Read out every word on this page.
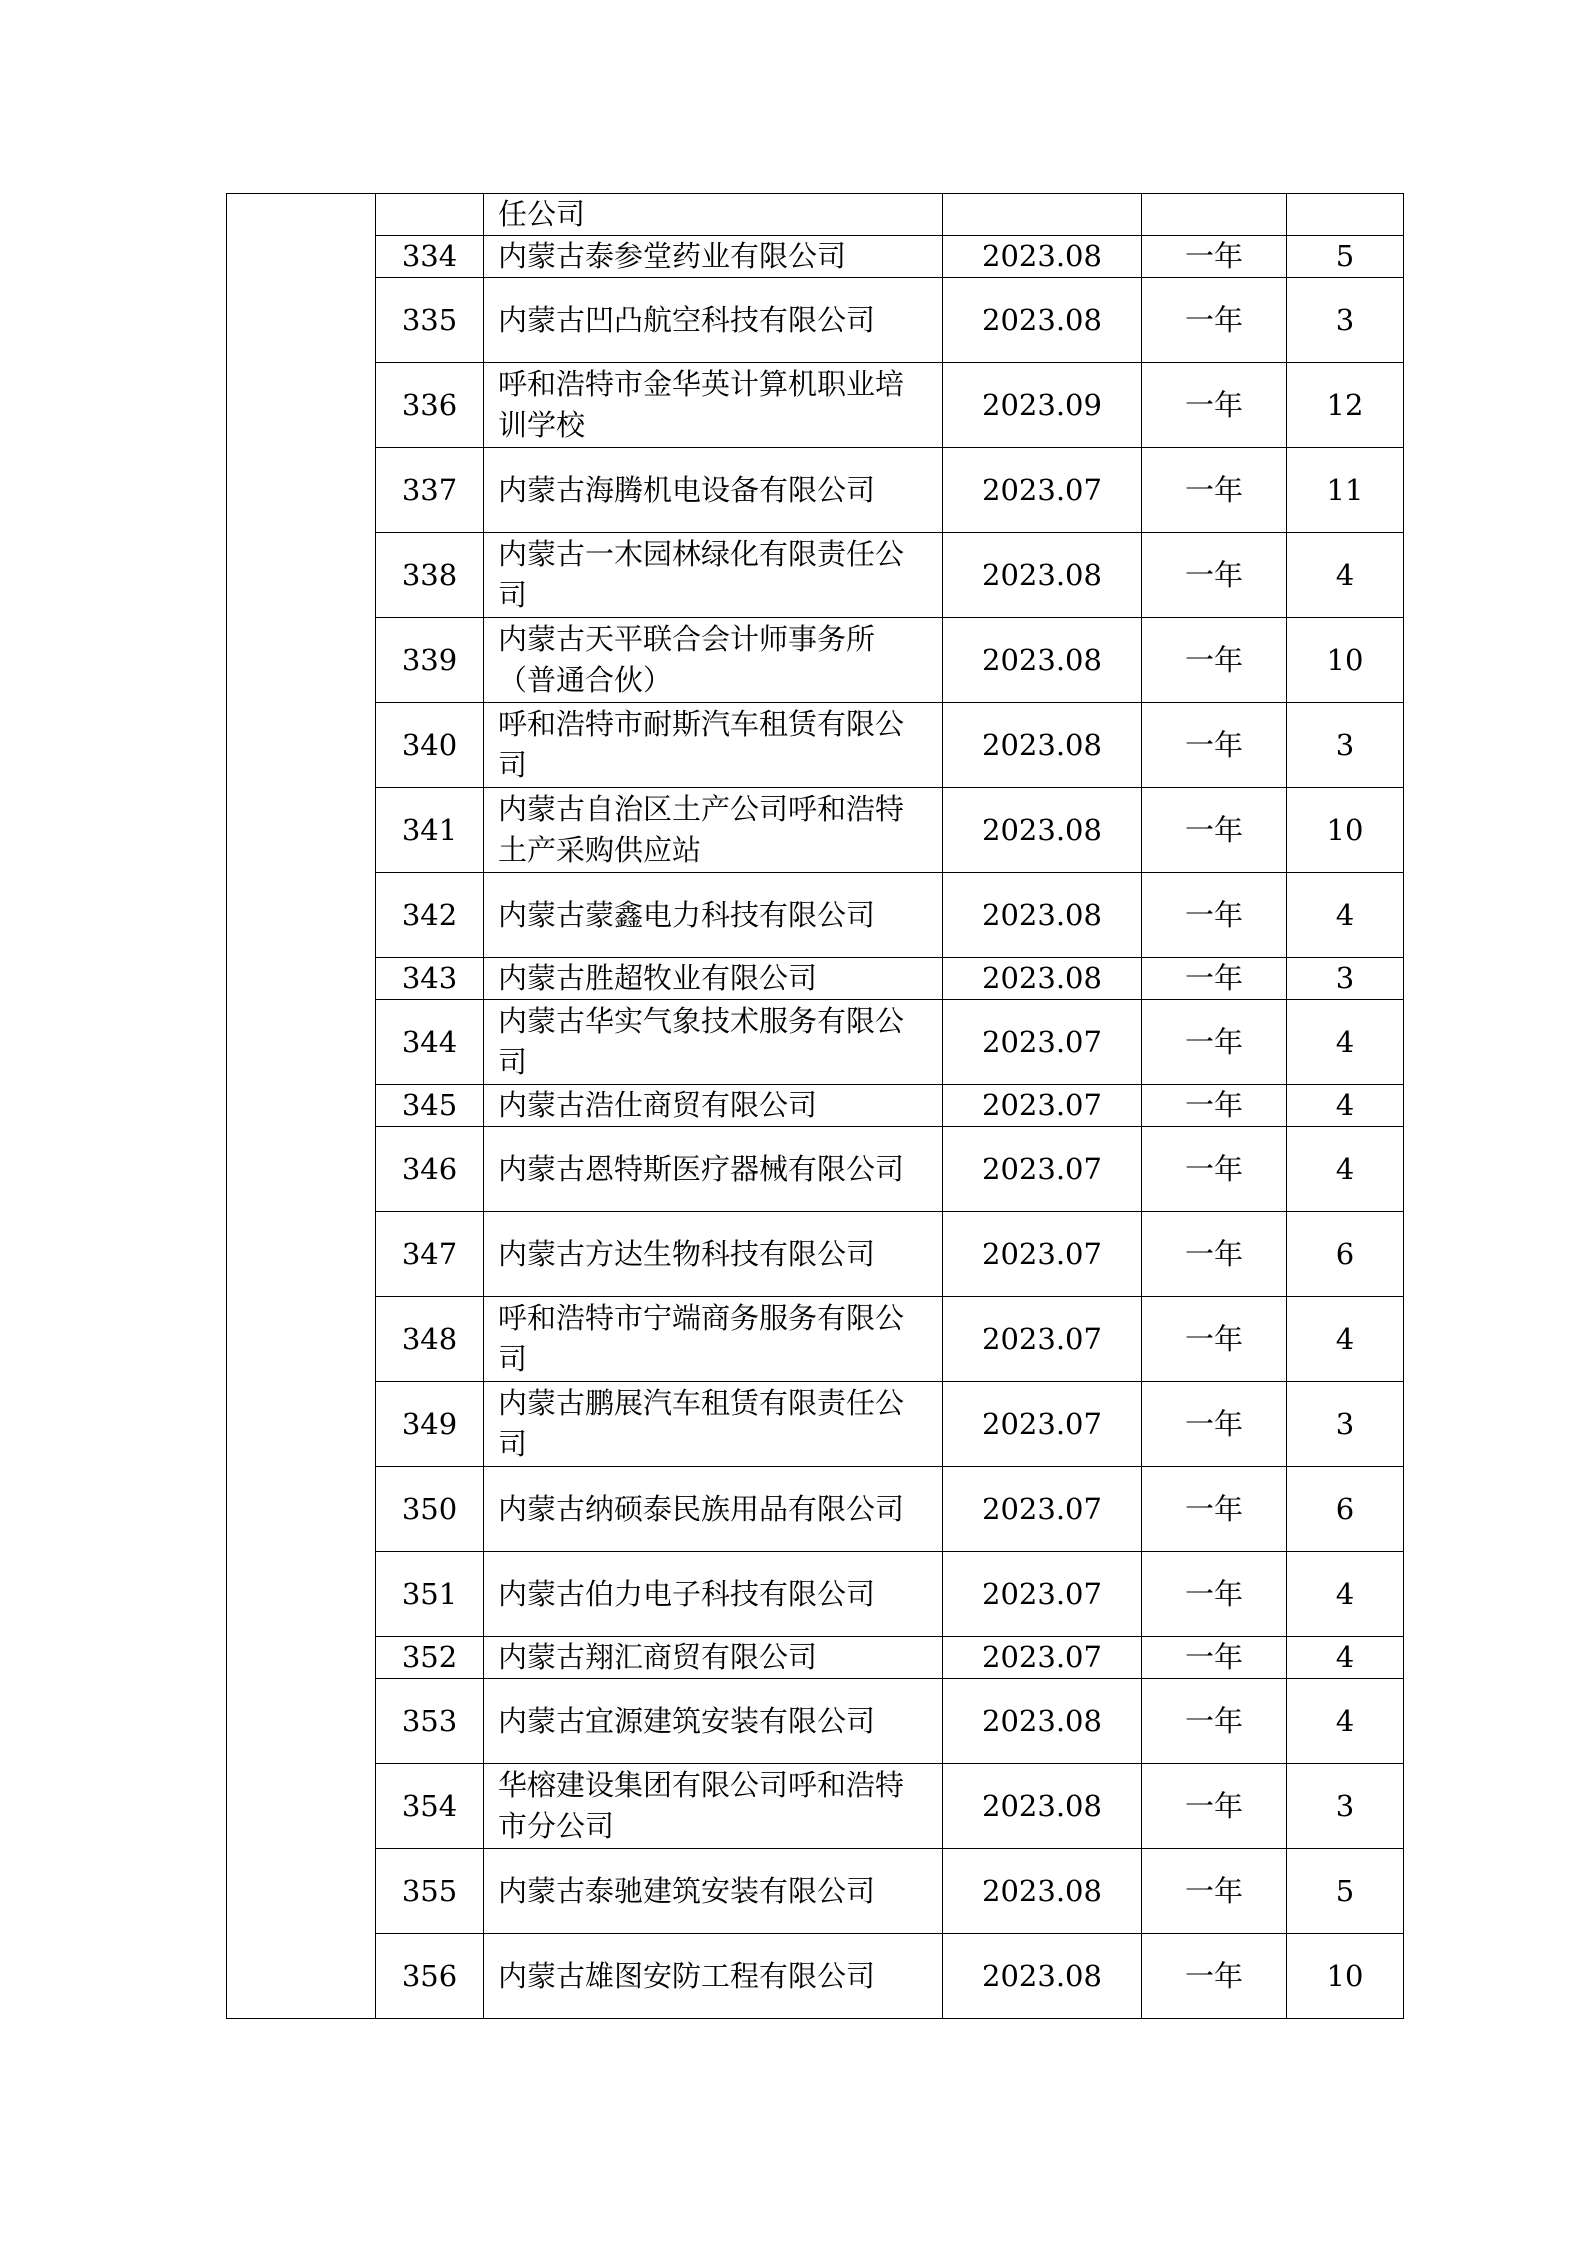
		任公司			
	334	内蒙古泰参堂药业有限公司	2023.08	一年	5
	335	内蒙古凹凸航空科技有限公司	2023.08	一年	3
	336	呼和浩特市金华英计算机职业培训学校	2023.09	一年	12
	337	内蒙古海腾机电设备有限公司	2023.07	一年	11
	338	内蒙古一木园林绿化有限责任公司	2023.08	一年	4
	339	内蒙古天平联合会计师事务所（普通合伙）	2023.08	一年	10
	340	呼和浩特市耐斯汽车租赁有限公司	2023.08	一年	3
	341	内蒙古自治区土产公司呼和浩特土产采购供应站	2023.08	一年	10
	342	内蒙古蒙鑫电力科技有限公司	2023.08	一年	4
	343	内蒙古胜超牧业有限公司	2023.08	一年	3
	344	内蒙古华实气象技术服务有限公司	2023.07	一年	4
	345	内蒙古浩仕商贸有限公司	2023.07	一年	4
	346	内蒙古恩特斯医疗器械有限公司	2023.07	一年	4
	347	内蒙古方达生物科技有限公司	2023.07	一年	6
	348	呼和浩特市宁端商务服务有限公司	2023.07	一年	4
	349	内蒙古鹏展汽车租赁有限责任公司	2023.07	一年	3
	350	内蒙古纳硕泰民族用品有限公司	2023.07	一年	6
	351	内蒙古伯力电子科技有限公司	2023.07	一年	4
	352	内蒙古翔汇商贸有限公司	2023.07	一年	4
	353	内蒙古宜源建筑安装有限公司	2023.08	一年	4
	354	华榕建设集团有限公司呼和浩特市分公司	2023.08	一年	3
	355	内蒙古泰驰建筑安装有限公司	2023.08	一年	5
	356	内蒙古雄图安防工程有限公司	2023.08	一年	10
